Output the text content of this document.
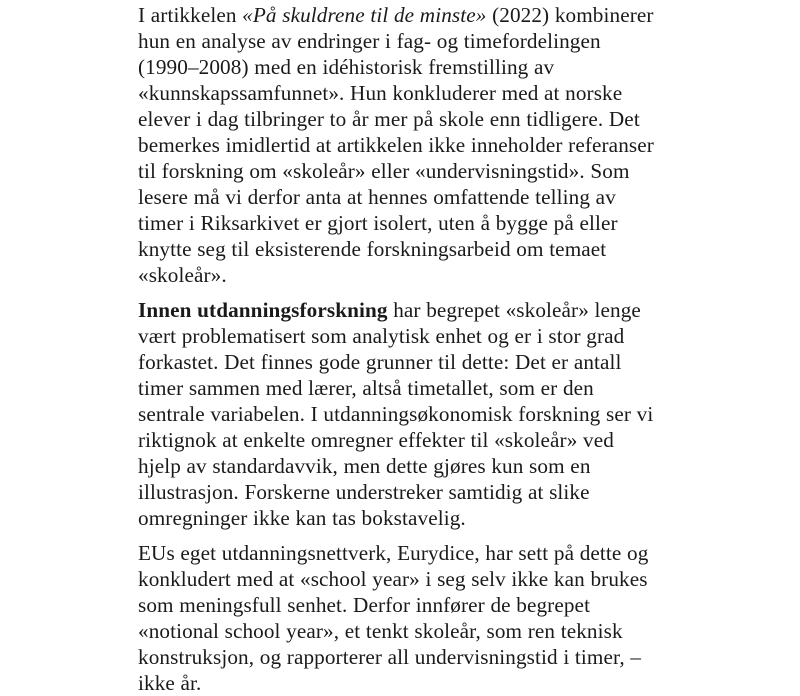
I artikkelen «På skuldrene til de minste» (2022) kombinerer hun en analyse av endringer i fag- og timefordelingen (1990–2008) med en idéhistorisk fremstilling av «kunnskapssamfunnet». Hun konkluderer med at norske elever i dag tilbringer to år mer på skole enn tidligere. Det bemerkes imidlertid at artikkelen ikke inneholder referanser til forskning om «skoleår» eller «undervisningstid». Som lesere må vi derfor anta at hennes omfattende telling av timer i Riksarkivet er gjort isolert, uten å bygge på eller knytte seg til eksisterende forskningsarbeid om temaet «skoleår».

Innen utdanningsforskning har begrepet «skoleår» lenge vært problematisert som analytisk enhet og er i stor grad forkastet. Det finnes gode grunner til dette: Det er antall timer sammen med lærer, altså timetallet, som er den sentrale variabelen. I utdanningsøkonomisk forskning ser vi riktignok at enkelte omregner effekter til «skoleår» ved hjelp av standardavvik, men dette gjøres kun som en illustrasjon. Forskerne understreker samtidig at slike omregninger ikke kan tas bokstavelig.

EUs eget utdanningsnettverk, Eurydice, har sett på dette og konkludert med at «school year» i seg selv ikke kan brukes som meningsfull senhet. Derfor innfører de begrepet «notional school year», et tenkt skoleår, som ren teknisk konstruksjon, og rapporterer all undervisningstid i timer, – ikke år.
